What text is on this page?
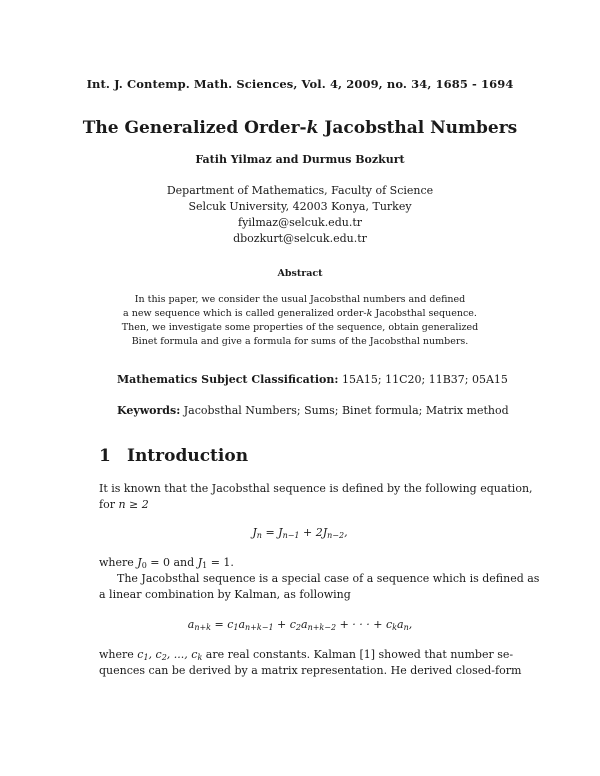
Int. J. Contemp. Math. Sciences, Vol. 4, 2009, no. 34, 1685 - 1694
The Generalized Order-k Jacobsthal Numbers
Fatih Yilmaz and Durmus Bozkurt
Department of Mathematics, Faculty of Science
Selcuk University, 42003 Konya, Turkey
fyilmaz@selcuk.edu.tr
dbozkurt@selcuk.edu.tr
Abstract
In this paper, we consider the usual Jacobsthal numbers and defined
a new sequence which is called generalized order-k Jacobsthal sequence.
Then, we investigate some properties of the sequence, obtain generalized
Binet formula and give a formula for sums of the Jacobsthal numbers.
Mathematics Subject Classification: 15A15; 11C20; 11B37; 05A15
Keywords: Jacobsthal Numbers; Sums; Binet formula; Matrix method
1 Introduction
It is known that the Jacobsthal sequence is defined by the following equation,
for n ≥ 2
$J_n = J_{n-1} + 2J_{n-2}$,
where $J_0 = 0$ and $J_1 = 1$.
The Jacobsthal sequence is a special case of a sequence which is defined as
a linear combination by Kalman, as following
$a_{n+k} = c_1a_{n+k-1} + c_2a_{n+k-2}$ + · · · + $c_ka_n$,
where $c_1$, $c_2$, ..., $c_k$ are real constants. Kalman [1] showed that number se-
quences can be derived by a matrix representation. He derived closed-form
